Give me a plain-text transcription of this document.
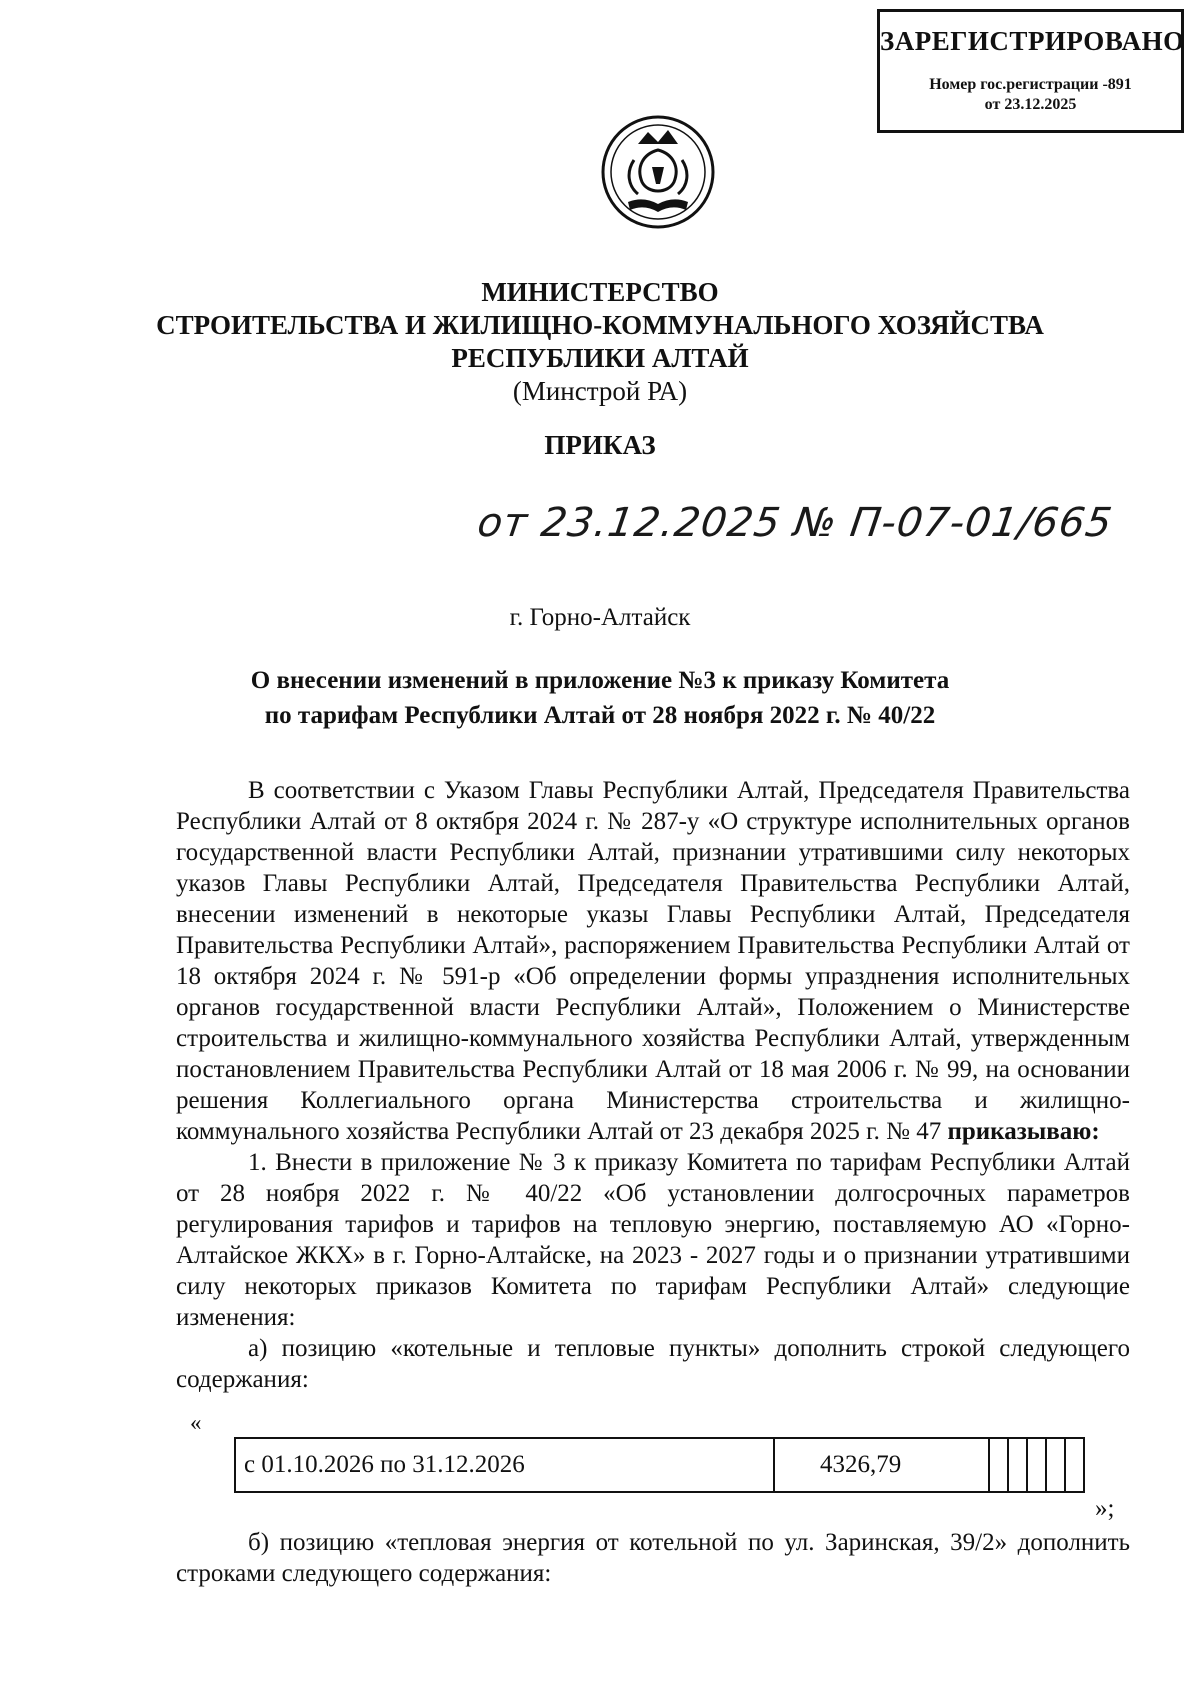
ЗАРЕГИСТРИРОВАНО
Номер гос.регистрации -891
от 23.12.2025
МИНИСТЕРСТВО
СТРОИТЕЛЬСТВА И ЖИЛИЩНО-КОММУНАЛЬНОГО ХОЗЯЙСТВА
РЕСПУБЛИКИ АЛТАЙ
(Минстрой РА)
ПРИКАЗ
от 23.12.2025 № П-07-01/665
г. Горно-Алтайск
О внесении изменений в приложение №3 к приказу Комитета
по тарифам Республики Алтай от 28 ноября 2022 г. № 40/22

В соответствии с Указом Главы Республики Алтай, Председателя Правительства Республики Алтай от 8 октября 2024 г. № 287-у «О структуре исполнительных органов государственной власти Республики Алтай, признании утратившими силу некоторых указов Главы Республики Алтай, Председателя Правительства Республики Алтай, внесении изменений в некоторые указы Главы Республики Алтай, Председателя Правительства Республики Алтай», распоряжением Правительства Республики Алтай от 18 октября 2024 г. № 591-р «Об определении формы упразднения исполнительных органов государственной власти Республики Алтай», Положением о Министерстве строительства и жилищно-коммунального хозяйства Республики Алтай, утвержденным постановлением Правительства Республики Алтай от 18 мая 2006 г. № 99, на основании решения Коллегиального органа Министерства строительства и жилищно-коммунального хозяйства Республики Алтай от 23 декабря 2025 г. № 47 приказываю:

1. Внести в приложение № 3 к приказу Комитета по тарифам Республики Алтай от 28 ноября 2022 г. № 40/22 «Об установлении долгосрочных параметров регулирования тарифов и тарифов на тепловую энергию, поставляемую АО «Горно-Алтайское ЖКХ» в г. Горно-Алтайске, на 2023 - 2027 годы и о признании утратившими силу некоторых приказов Комитета по тарифам Республики Алтай» следующие изменения:

а) позицию «котельные и тепловые пункты» дополнить строкой следующего содержания:

«
с 01.10.2026 по 31.12.2026	4326,79					
»;

б) позицию «тепловая энергия от котельной по ул. Заринская, 39/2» дополнить строками следующего содержания:
